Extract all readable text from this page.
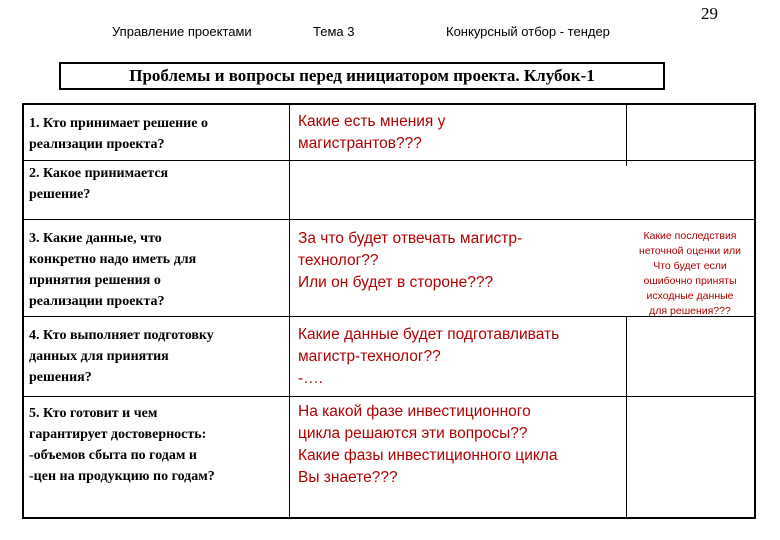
Управление проектами	Тема 3	Конкурсный отбор - тендер
29
Проблемы и вопросы перед инициатором проекта. Клубок-1
1. Кто принимает решение о
реализации проекта?
2. Какое принимается
решение?
3. Какие данные, что
конкретно надо иметь для
принятия решения о
реализации проекта?
4. Кто выполняет подготовку
данных для принятия
решения?
5. Кто готовит и чем
гарантирует достоверность:
-объемов сбыта по годам и
-цен на продукцию по годам?
Какие есть мнения у
магистрантов???
За что будет отвечать магистр-
технолог??
Или он будет в стороне???
Какие данные будет подготавливать
магистр-технолог??
-….
На какой фазе инвестиционного
цикла решаются эти вопросы??
Какие фазы инвестиционного цикла
Вы знаете???
Какие последствия
неточной оценки или
Что будет если
ошибочно приняты
исходные данные
для решения???
